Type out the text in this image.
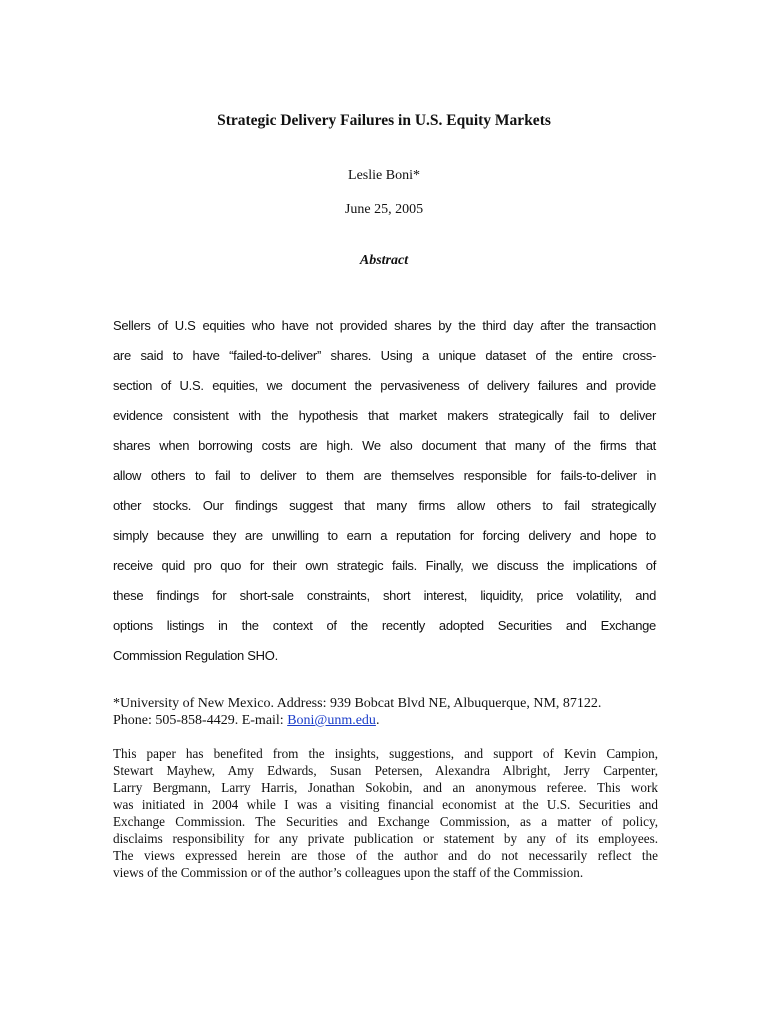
Strategic Delivery Failures in U.S. Equity Markets
Leslie Boni*
June 25, 2005
Abstract
Sellers of U.S equities who have not provided shares by the third day after the transaction
are said to have “failed-to-deliver” shares. Using a unique dataset of the entire cross-
section of U.S. equities, we document the pervasiveness of delivery failures and provide
evidence consistent with the hypothesis that market makers strategically fail to deliver
shares when borrowing costs are high. We also document that many of the firms that
allow others to fail to deliver to them are themselves responsible for fails-to-deliver in
other stocks. Our findings suggest that many firms allow others to fail strategically
simply because they are unwilling to earn a reputation for forcing delivery and hope to
receive quid pro quo for their own strategic fails. Finally, we discuss the implications of
these findings for short-sale constraints, short interest, liquidity, price volatility, and
options listings in the context of the recently adopted Securities and Exchange
Commission Regulation SHO.
*University of New Mexico. Address: 939 Bobcat Blvd NE, Albuquerque, NM, 87122.
Phone: 505-858-4429. E-mail: Boni@unm.edu.
This paper has benefited from the insights, suggestions, and support of Kevin Campion,
Stewart Mayhew, Amy Edwards, Susan Petersen, Alexandra Albright, Jerry Carpenter,
Larry Bergmann, Larry Harris, Jonathan Sokobin, and an anonymous referee. This work
was initiated in 2004 while I was a visiting financial economist at the U.S. Securities and
Exchange Commission. The Securities and Exchange Commission, as a matter of policy,
disclaims responsibility for any private publication or statement by any of its employees.
The views expressed herein are those of the author and do not necessarily reflect the
views of the Commission or of the author’s colleagues upon the staff of the Commission.
